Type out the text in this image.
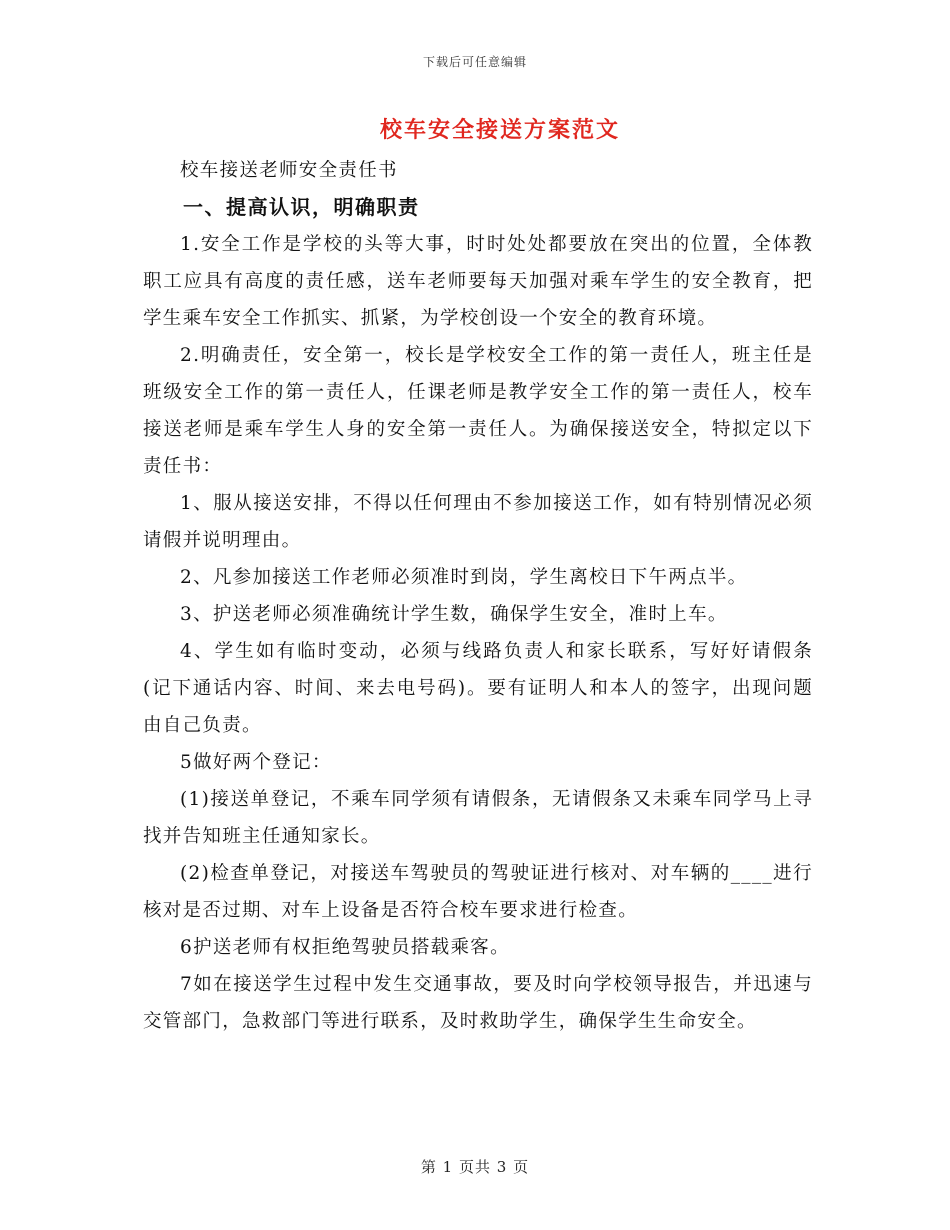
下载后可任意编辑
校车安全接送方案范文

校车接送老师安全责任书

一、提高认识，明确职责

1.安全工作是学校的头等大事，时时处处都要放在突出的位置，全体教职工应具有高度的责任感，送车老师要每天加强对乘车学生的安全教育，把学生乘车安全工作抓实、抓紧，为学校创设一个安全的教育环境。

2.明确责任，安全第一，校长是学校安全工作的第一责任人，班主任是班级安全工作的第一责任人，任课老师是教学安全工作的第一责任人，校车接送老师是乘车学生人身的安全第一责任人。为确保接送安全，特拟定以下责任书：

1、服从接送安排，不得以任何理由不参加接送工作，如有特别情况必须请假并说明理由。

2、凡参加接送工作老师必须准时到岗，学生离校日下午两点半。

3、护送老师必须准确统计学生数，确保学生安全，准时上车。

4、学生如有临时变动，必须与线路负责人和家长联系，写好好请假条(记下通话内容、时间、来去电号码)。要有证明人和本人的签字，出现问题由自己负责。

5做好两个登记：

(1)接送单登记，不乘车同学须有请假条，无请假条又未乘车同学马上寻找并告知班主任通知家长。

(2)检查单登记，对接送车驾驶员的驾驶证进行核对、对车辆的____进行核对是否过期、对车上设备是否符合校车要求进行检查。

6护送老师有权拒绝驾驶员搭载乘客。

7如在接送学生过程中发生交通事故，要及时向学校领导报告，并迅速与交管部门，急救部门等进行联系，及时救助学生，确保学生生命安全。

第 1 页共 3 页
